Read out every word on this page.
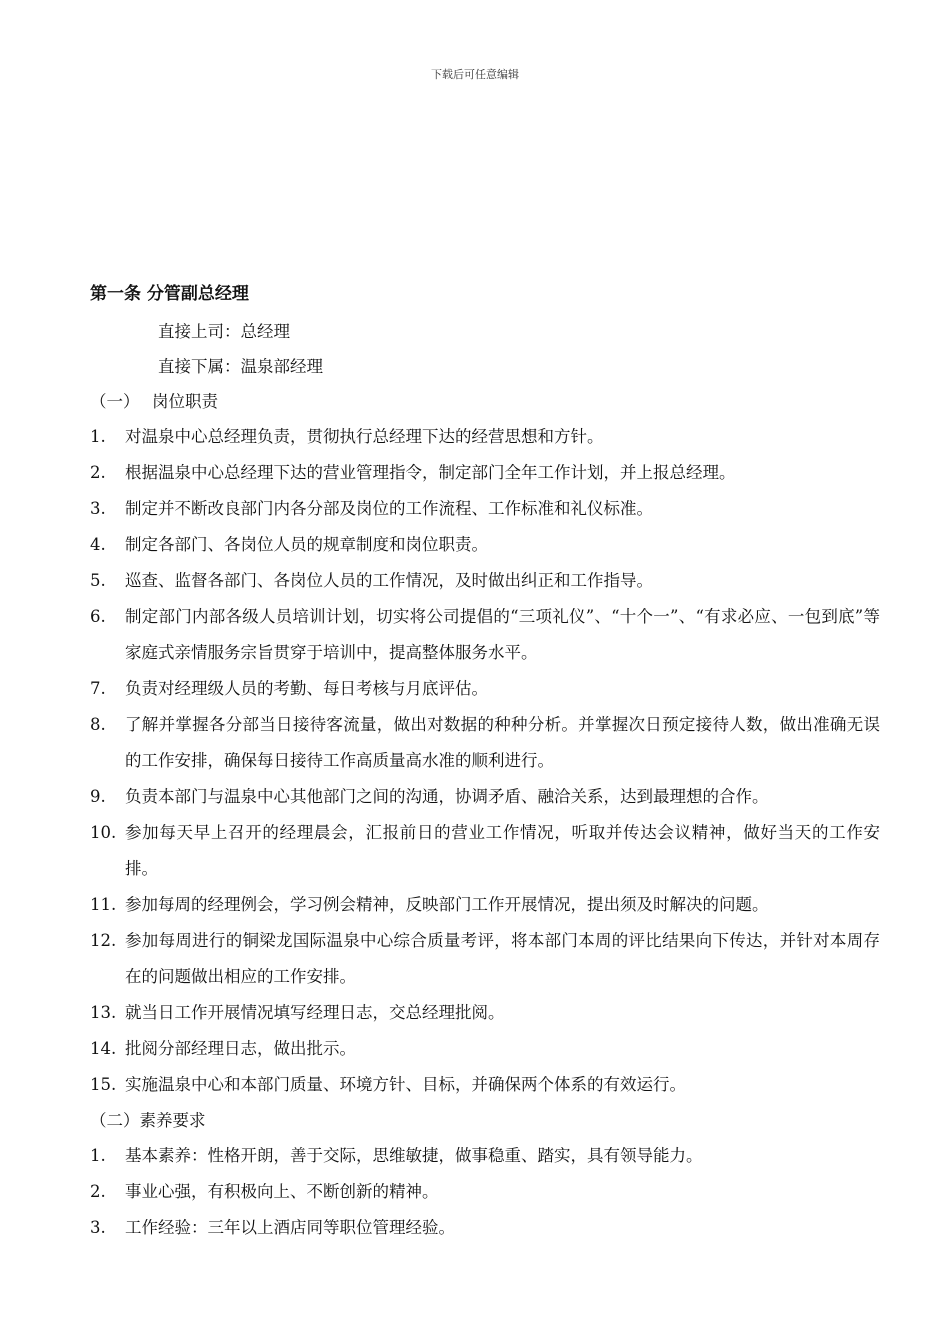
下载后可任意编辑
第一条 分管副总经理
直接上司：总经理
直接下属：温泉部经理
（一） 岗位职责
1.	对温泉中心总经理负责，贯彻执行总经理下达的经营思想和方针。
2.	根据温泉中心总经理下达的营业管理指令，制定部门全年工作计划，并上报总经理。
3.	制定并不断改良部门内各分部及岗位的工作流程、工作标准和礼仪标准。
4.	制定各部门、各岗位人员的规章制度和岗位职责。
5.	巡查、监督各部门、各岗位人员的工作情况，及时做出纠正和工作指导。
6.	制定部门内部各级人员培训计划，切实将公司提倡的“三项礼仪”、“十个一”、“有求必应、一包到底”等家庭式亲情服务宗旨贯穿于培训中，提高整体服务水平。
7.	负责对经理级人员的考勤、每日考核与月底评估。
8.	了解并掌握各分部当日接待客流量，做出对数据的种种分析。并掌握次日预定接待人数，做出准确无误的工作安排，确保每日接待工作高质量高水准的顺利进行。
9.	负责本部门与温泉中心其他部门之间的沟通，协调矛盾、融洽关系，达到最理想的合作。
10. 参加每天早上召开的经理晨会，汇报前日的营业工作情况，听取并传达会议精神，做好当天的工作安排。
11. 参加每周的经理例会，学习例会精神，反映部门工作开展情况，提出须及时解决的问题。
12. 参加每周进行的铜梁龙国际温泉中心综合质量考评，将本部门本周的评比结果向下传达，并针对本周存在的问题做出相应的工作安排。
13. 就当日工作开展情况填写经理日志，交总经理批阅。
14. 批阅分部经理日志，做出批示。
15. 实施温泉中心和本部门质量、环境方针、目标，并确保两个体系的有效运行。
（二）素养要求
1.	基本素养：性格开朗，善于交际，思维敏捷，做事稳重、踏实，具有领导能力。
2.	事业心强，有积极向上、不断创新的精神。
3.	工作经验：三年以上酒店同等职位管理经验。
